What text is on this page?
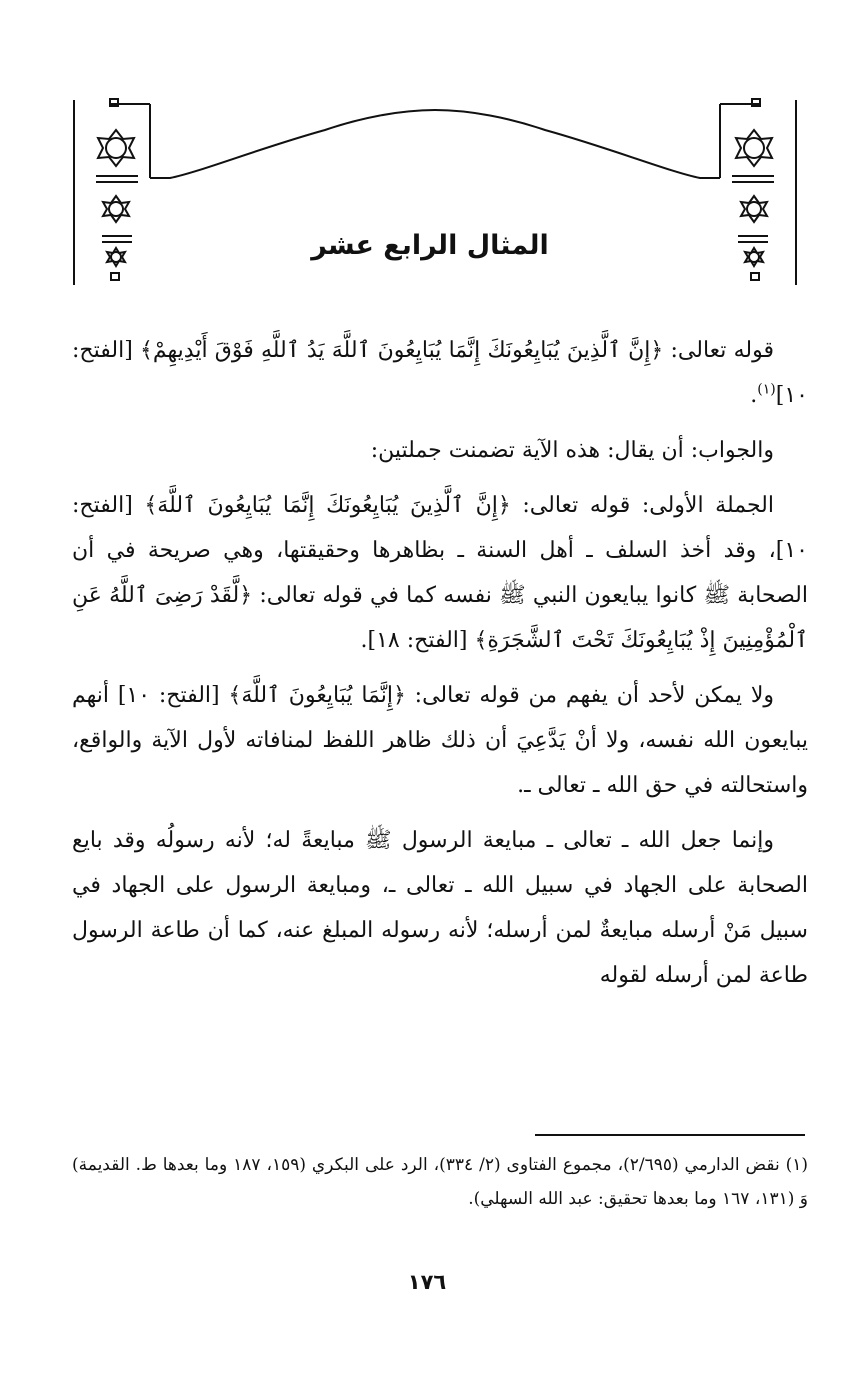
المثال الرابع عشر

قوله تعالى: ﴿إِنَّ ٱلَّذِينَ يُبَايِعُونَكَ إِنَّمَا يُبَايِعُونَ ٱللَّهَ يَدُ ٱللَّهِ فَوْقَ أَيْدِيهِمْ﴾ [الفتح: ١٠]$^{(١)}$.

والجواب: أن يقال: هذه الآية تضمنت جملتين:

الجملة الأولى: قوله تعالى: ﴿إِنَّ ٱلَّذِينَ يُبَايِعُونَكَ إِنَّمَا يُبَايِعُونَ ٱللَّهَ﴾ [الفتح: ١٠]، وقد أخذ السلف ـ أهل السنة ـ بظاهرها وحقيقتها، وهي صريحة في أن الصحابة ﷺ كانوا يبايعون النبي ﷺ نفسه كما في قوله تعالى: ﴿لَّقَدْ رَضِىَ ٱللَّهُ عَنِ ٱلْمُؤْمِنِينَ إِذْ يُبَايِعُونَكَ تَحْتَ ٱلشَّجَرَةِ﴾ [الفتح: ١٨].

ولا يمكن لأحد أن يفهم من قوله تعالى: ﴿إِنَّمَا يُبَايِعُونَ ٱللَّهَ﴾ [الفتح: ١٠] أنهم يبايعون الله نفسه، ولا أنْ يَدَّعِيَ أن ذلك ظاهر اللفظ لمنافاته لأول الآية والواقع، واستحالته في حق الله ـ تعالى ـ.

وإنما جعل الله ـ تعالى ـ مبايعة الرسول ﷺ مبايعةً له؛ لأنه رسولُه وقد بايع الصحابة على الجهاد في سبيل الله ـ تعالى ـ، ومبايعة الرسول على الجهاد في سبيل مَنْ أرسله مبايعةٌ لمن أرسله؛ لأنه رسوله المبلغ عنه، كما أن طاعة الرسول طاعة لمن أرسله لقوله

(١) نقض الدارمي (٢/٦٩٥)، مجموع الفتاوى (٢/ ٣٣٤)، الرد على البكري (١٥٩، ١٨٧ وما بعدها ط. القديمة) وَ (١٣١، ١٦٧ وما بعدها تحقيق: عبد الله السهلي).
١٧٦
